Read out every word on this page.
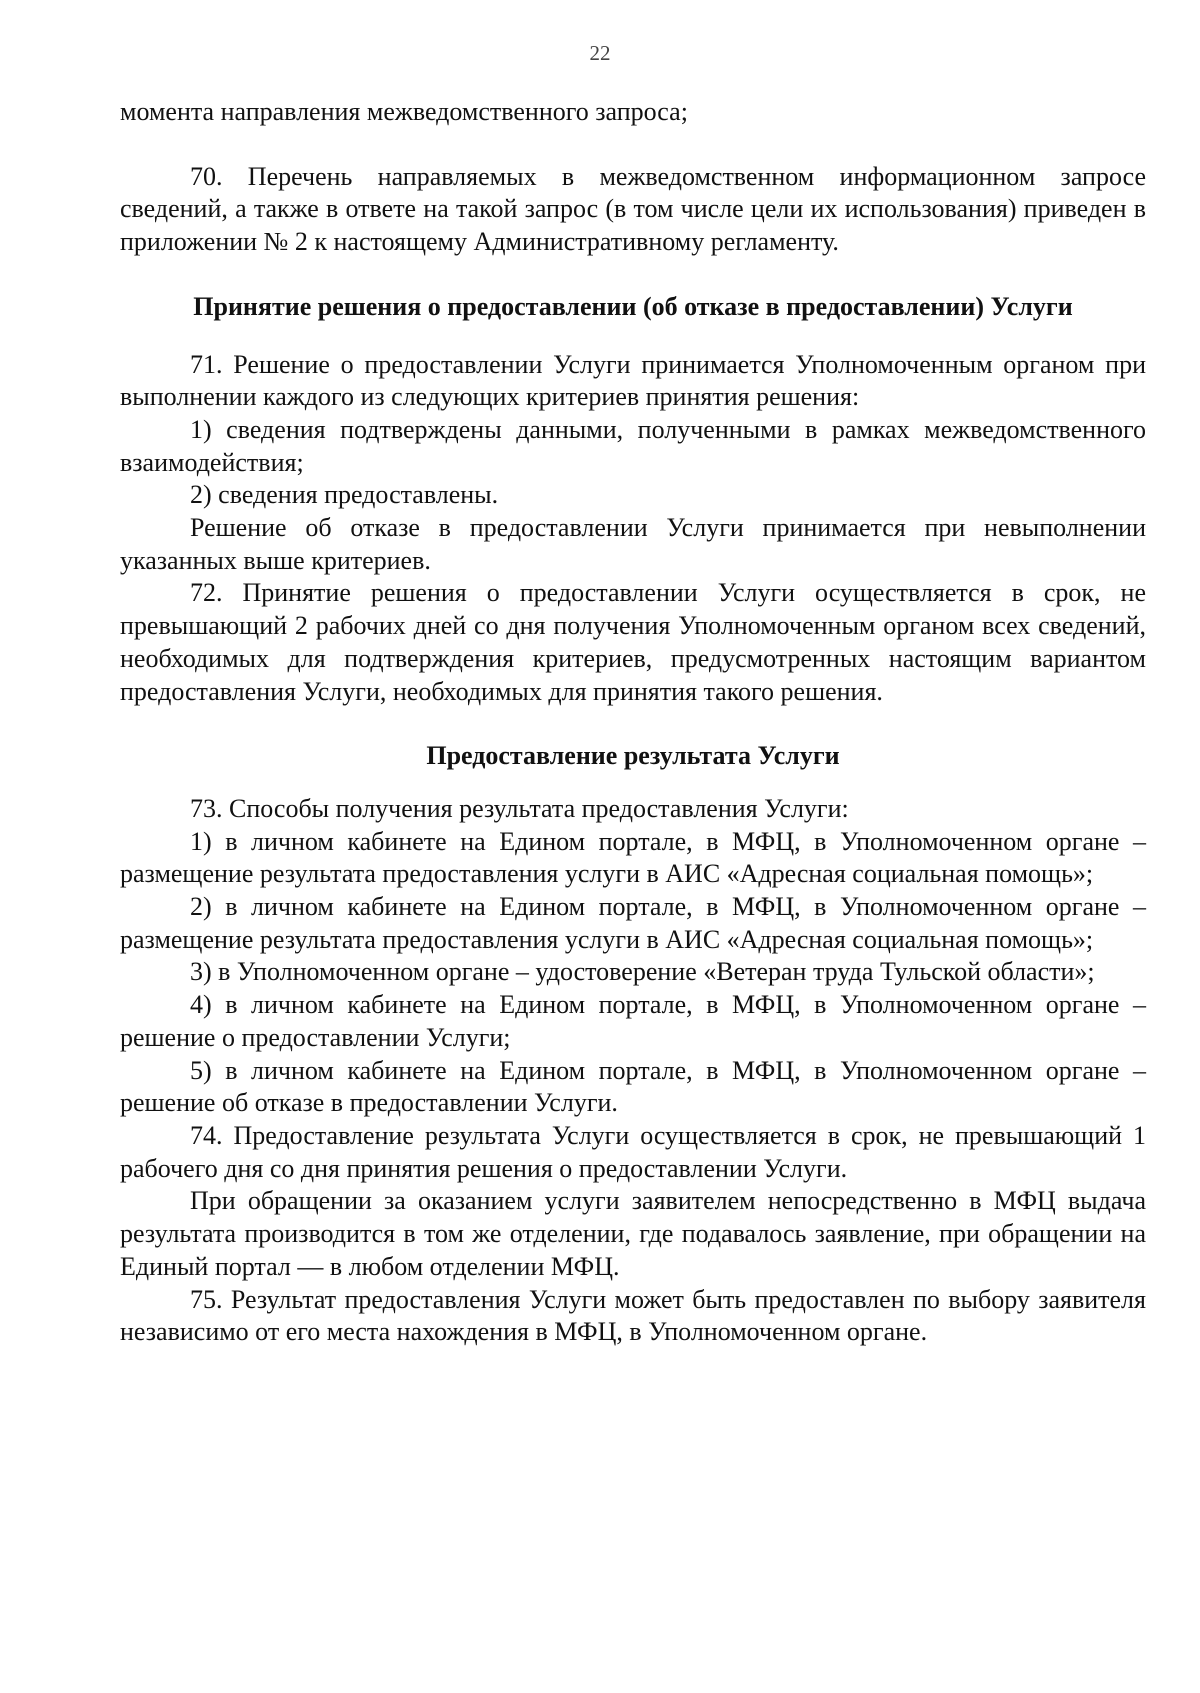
22

момента направления межведомственного запроса;

70. Перечень направляемых в межведомственном информационном запросе сведений, а также в ответе на такой запрос (в том числе цели их использования) приведен в приложении № 2 к настоящему Административному регламенту.

Принятие решения о предоставлении (об отказе в предоставлении) Услуги

71. Решение о предоставлении Услуги принимается Уполномоченным органом при выполнении каждого из следующих критериев принятия решения:

1) сведения подтверждены данными, полученными в рамках межведомственного взаимодействия;

2) сведения предоставлены.

Решение об отказе в предоставлении Услуги принимается при невыполнении указанных выше критериев.

72. Принятие решения о предоставлении Услуги осуществляется в срок, не превышающий 2 рабочих дней со дня получения Уполномоченным органом всех сведений, необходимых для подтверждения критериев, предусмотренных настоящим вариантом предоставления Услуги, необходимых для принятия такого решения.

Предоставление результата Услуги

73. Способы получения результата предоставления Услуги:

1) в личном кабинете на Едином портале, в МФЦ, в Уполномоченном органе – размещение результата предоставления услуги в АИС «Адресная социальная помощь»;

2) в личном кабинете на Едином портале, в МФЦ, в Уполномоченном органе – размещение результата предоставления услуги в АИС «Адресная социальная помощь»;

3) в Уполномоченном органе – удостоверение «Ветеран труда Тульской области»;

4) в личном кабинете на Едином портале, в МФЦ, в Уполномоченном органе – решение о предоставлении Услуги;

5) в личном кабинете на Едином портале, в МФЦ, в Уполномоченном органе – решение об отказе в предоставлении Услуги.

74. Предоставление результата Услуги осуществляется в срок, не превышающий 1 рабочего дня со дня принятия решения о предоставлении Услуги.

При обращении за оказанием услуги заявителем непосредственно в МФЦ выдача результата производится в том же отделении, где подавалось заявление, при обращении на Единый портал — в любом отделении МФЦ.

75. Результат предоставления Услуги может быть предоставлен по выбору заявителя независимо от его места нахождения в МФЦ, в Уполномоченном органе.
